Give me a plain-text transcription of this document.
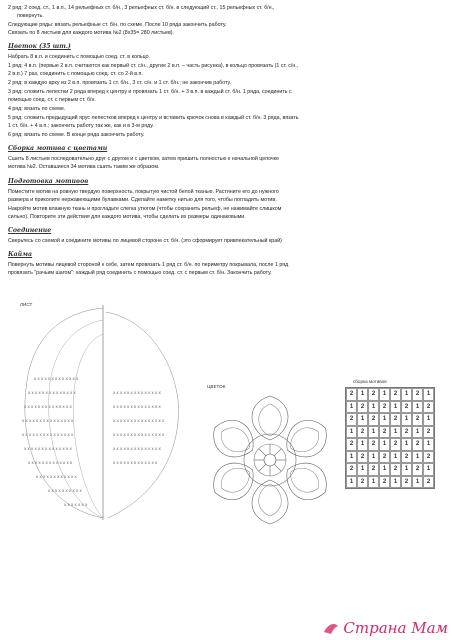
2 ряд: 2 соед. ст., 1 в.п., 14 рельефных ст. б/н., 3 рельефных ст. б/н. в следующий ст., 15 рельефных ст. б/н.,
повернуть.
Следующие ряды: вязать рельефные ст. б/н. по схеме. После 10 ряда закончить работу.
Связать по 8 листьев для каждого мотива №2 (8х35= 280 листьев).
Цветок (35 шт.)
Набрать 8 в.п. и соединить с помощью соед. ст. в кольцо.
1 ряд: 4 в.п. (первые 2 в.п. считаются как первый ст. с/н., другие 2 в.п. – часть рисунка), в кольцо провязать (1 ст. с/н.,
2 в.п.) 7 раз, соединить с помощью соед. ст. со 2-й в.п.
2 ряд: в каждую арку из 2 в.п. провязать 1 ст. б/н., 3 ст. с/н. и 1 ст. б/н.; не закончив работу.
3 ряд: сложить лепестки 2 ряда вперед к центру и провязать 1 ст. б/н. + 3 в.п. в каждый ст. б/н. 1 ряда, соединить с
помощью соед. ст. с первым ст. б/н.
4 ряд: вязать по схеме.
5 ряд: сложить предыдущий ярус лепестков вперед к центру и вставить крючок снова в каждый ст. б/н. 3 ряда, вязать
1 ст. б/н. + 4 в.п.; закончить работу так же, как и в 3-м ряду.
6 ряд: вязать по схеме. В конце ряда закончить работу.
Сборка мотива с цветами
Сшить 8 листьев последовательно друг с другом и с цветком, затем пришить полностью к начальной цепочке
мотива №2. Оставшиеся 34 мотива сшить таким же образом.
Подготовка мотивов
Поместите мотив на ровную твердую поверхность, покрытую чистой белой тканью. Растяните его до нужного
размера и приколите нержавеющими булавками. Сделайте наметку нитью для того, чтобы погладить мотив.
Накройте мотив влажную ткань и прогладьте слегка утюгом (чтобы сохранить рельеф, не нажимайте слишком
сильно). Повторите эти действия для каждого мотива, чтобы сделать их размеры одинаковыми.
Соединение
Сверьтесь со схемой и соедините мотивы по лицевой стороне ст. б/н. (это сформирует привлекательный край)
Кайма
Повернуть мотивы лицевой стороной к себе, затем провязать 1 ряд ст. б/н. по периметру покрывала, после 1 ряд
провязать "рачьим шагом": каждый ряд соединить с помощью соед. ст. с первым ст. б/н. Закончить работу.
ЛИСТ
x x x x x x x x x x x x x
x x x x x x x x x x x x x x
x x x x x x x x x x x x x x
x x x x x x x x x x x x x x x
x x x x x x x x x x x x x x x
x x x x x x x x x x x x x x
x x x x x x x x x x x x x
x x x x x x x x x x x x
x x x x x x x x x x
x x x x x x x
x x x x x x x x x x x x x x
x x x x x x x x x x x x x x
x x x x x x x x x x x x x x x
x x x x x x x x x x x x x x x
x x x x x x x x x x x x x x
x x x x x x x x x x x x x
ЦВЕТОК
сборка мотивов
2	1	2	1	2	1	2	1
1	2	1	2	1	2	1	2
2	1	2	1	2	1	2	1
1	2	1	2	1	2	1	2
2	1	2	1	2	1	2	1
1	2	1	2	1	2	1	2
2	1	2	1	2	1	2	1
1	2	1	2	1	2	1	2
Страна Мам
